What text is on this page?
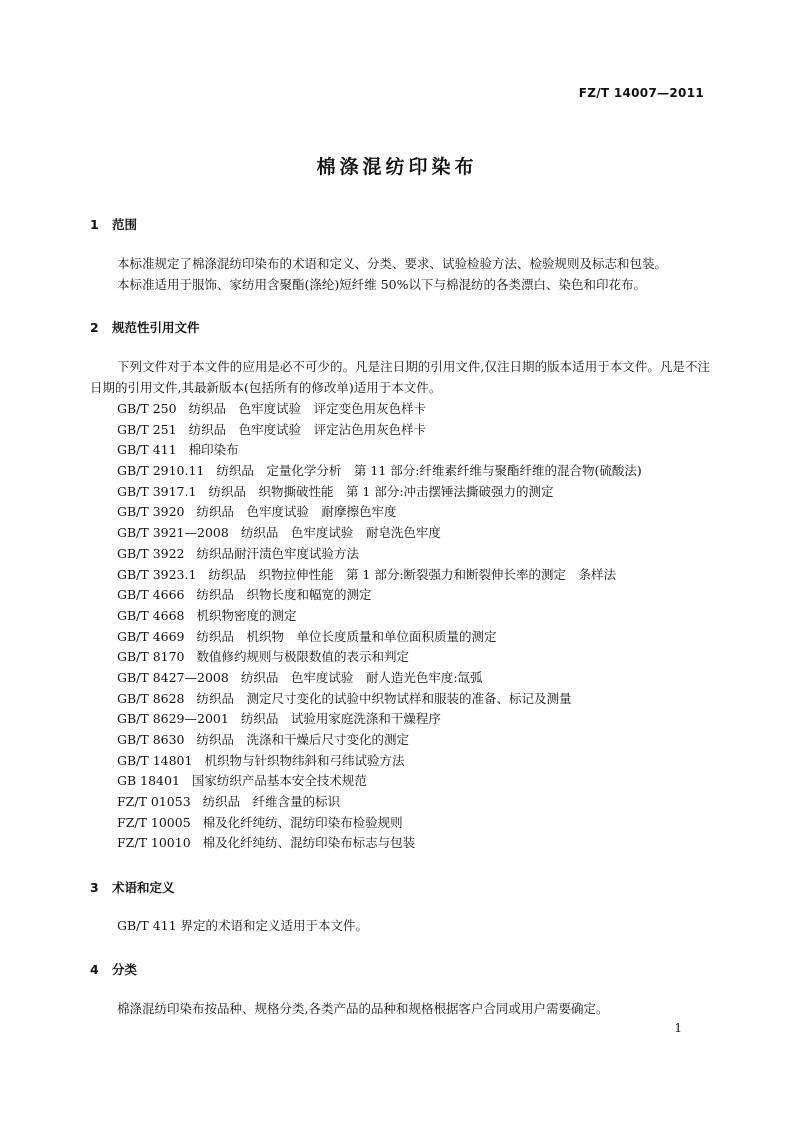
FZ/T 14007—2011
棉涤混纺印染布
1 范围
本标准规定了棉涤混纺印染布的术语和定义、分类、要求、试验检验方法、检验规则及标志和包装。
本标准适用于服饰、家纺用含聚酯(涤纶)短纤维 50%以下与棉混纺的各类漂白、染色和印花布。
2 规范性引用文件
下列文件对于本文件的应用是必不可少的。凡是注日期的引用文件,仅注日期的版本适用于本文件。凡是不注日期的引用文件,其最新版本(包括所有的修改单)适用于本文件。
GB/T 250 纺织品　色牢度试验　评定变色用灰色样卡
GB/T 251 纺织品　色牢度试验　评定沾色用灰色样卡
GB/T 411 棉印染布
GB/T 2910.11 纺织品　定量化学分析　第 11 部分:纤维素纤维与聚酯纤维的混合物(硫酸法)
GB/T 3917.1 纺织品　织物撕破性能　第 1 部分:冲击摆锤法撕破强力的测定
GB/T 3920 纺织品　色牢度试验　耐摩擦色牢度
GB/T 3921—2008 纺织品　色牢度试验　耐皂洗色牢度
GB/T 3922 纺织品耐汗渍色牢度试验方法
GB/T 3923.1 纺织品　织物拉伸性能　第 1 部分:断裂强力和断裂伸长率的测定　条样法
GB/T 4666 纺织品　织物长度和幅宽的测定
GB/T 4668 机织物密度的测定
GB/T 4669 纺织品　机织物　单位长度质量和单位面积质量的测定
GB/T 8170 数值修约规则与极限数值的表示和判定
GB/T 8427—2008 纺织品　色牢度试验　耐人造光色牢度:氙弧
GB/T 8628 纺织品　测定尺寸变化的试验中织物试样和服装的准备、标记及测量
GB/T 8629—2001 纺织品　试验用家庭洗涤和干燥程序
GB/T 8630 纺织品　洗涤和干燥后尺寸变化的测定
GB/T 14801 机织物与针织物纬斜和弓纬试验方法
GB 18401 国家纺织产品基本安全技术规范
FZ/T 01053 纺织品　纤维含量的标识
FZ/T 10005 棉及化纤纯纺、混纺印染布检验规则
FZ/T 10010 棉及化纤纯纺、混纺印染布标志与包装
3 术语和定义
GB/T 411 界定的术语和定义适用于本文件。
4 分类
棉涤混纺印染布按品种、规格分类,各类产品的品种和规格根据客户合同或用户需要确定。
1
